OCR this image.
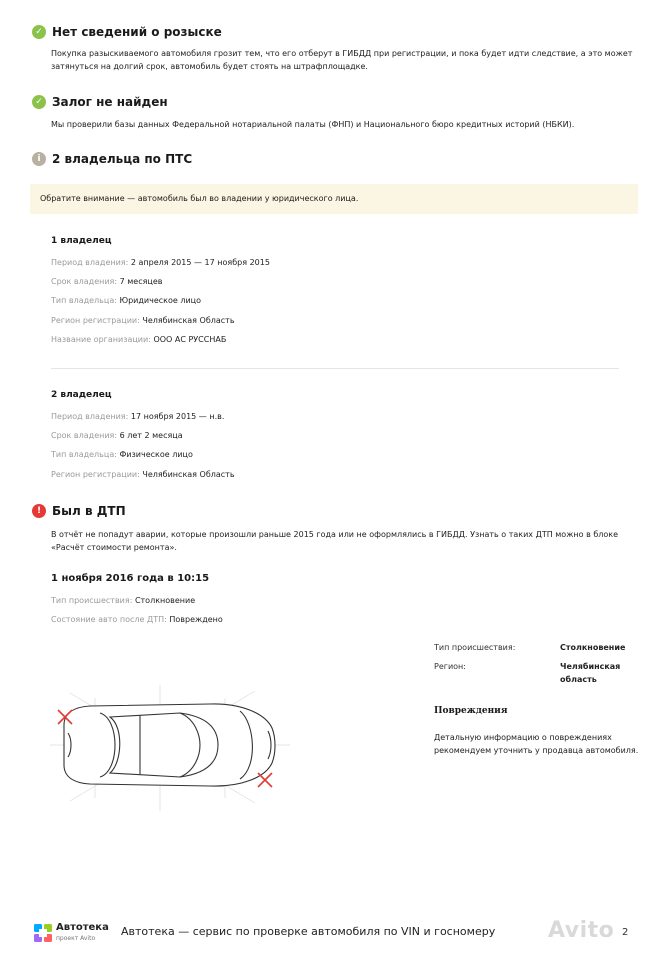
✓ Нет сведений о розыске
Покупка разыскиваемого автомобиля грозит тем, что его отберут в ГИБДД при регистрации, и пока будет идти следствие, а это может затянуться на долгий срок, автомобиль будет стоять на штрафплощадке.
✓ Залог не найден
Мы проверили базы данных Федеральной нотариальной палаты (ФНП) и Национального бюро кредитных историй (НБКИ).
i 2 владельца по ПТС
Обратите внимание — автомобиль был во владении у юридического лица.
1 владелец
Период владения: 2 апреля 2015 — 17 ноября 2015
Срок владения: 7 месяцев
Тип владельца: Юридическое лицо
Регион регистрации: Челябинская Область
Название организации: ООО АС РУССНАБ
2 владелец
Период владения: 17 ноября 2015 — н.в.
Срок владения: 6 лет 2 месяца
Тип владельца: Физическое лицо
Регион регистрации: Челябинская Область
! Был в ДТП
В отчёт не попадут аварии, которые произошли раньше 2015 года или не оформлялись в ГИБДД. Узнать о таких ДТП можно в блоке «Расчёт стоимости ремонта».
1 ноября 2016 года в 10:15
Тип происшествия: Столкновение
Состояние авто после ДТП: Повреждено
Тип происшествия:	Столкновение
Регион:	Челябинская область
Повреждения
Детальную информацию о повреждениях рекомендуем уточнить у продавца автомобиля.
Автотека
проект Avito
Автотека — сервис по проверке автомобиля по VIN и госномеру Avito 2
